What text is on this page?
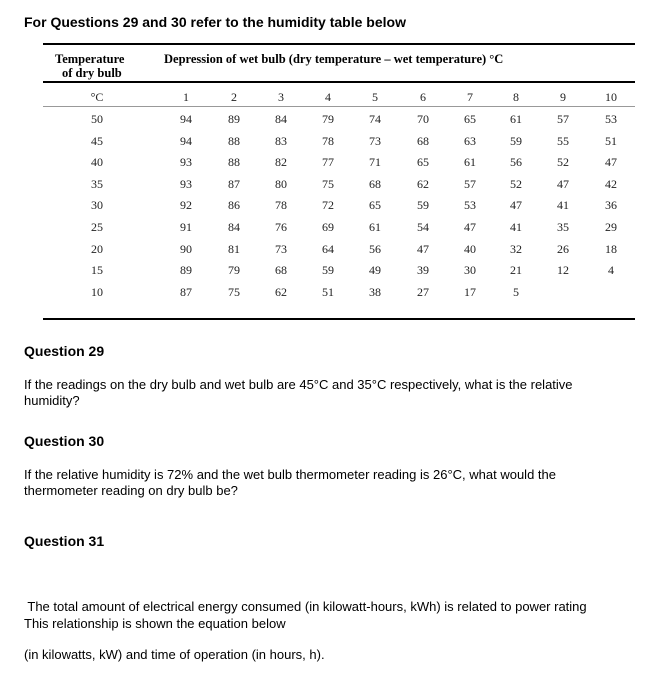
For Questions 29 and 30 refer to the humidity table below
Temperature
of dry bulb
Depression of wet bulb (dry temperature – wet temperature) °C
°C	1	2	3	4	5	6	7	8	9	10
50	94	89	84	79	74	70	65	61	57	53
45	94	88	83	78	73	68	63	59	55	51
40	93	88	82	77	71	65	61	56	52	47
35	93	87	80	75	68	62	57	52	47	42
30	92	86	78	72	65	59	53	47	41	36
25	91	84	76	69	61	54	47	41	35	29
20	90	81	73	64	56	47	40	32	26	18
15	89	79	68	59	49	39	30	21	12	4
10	87	75	62	51	38	27	17	5
Question 29
If the readings on the dry bulb and wet bulb are 45°C and 35°C respectively, what is the relative
humidity?
Question 30
If the relative humidity is 72% and the wet bulb thermometer reading is 26°C, what would the
thermometer reading on dry bulb be?
Question 31

The total amount of electrical energy consumed (in kilowatt-hours, kWh) is related to power rating

(in kilowatts, kW) and time of operation (in hours, h).

This relationship is shown the equation below
